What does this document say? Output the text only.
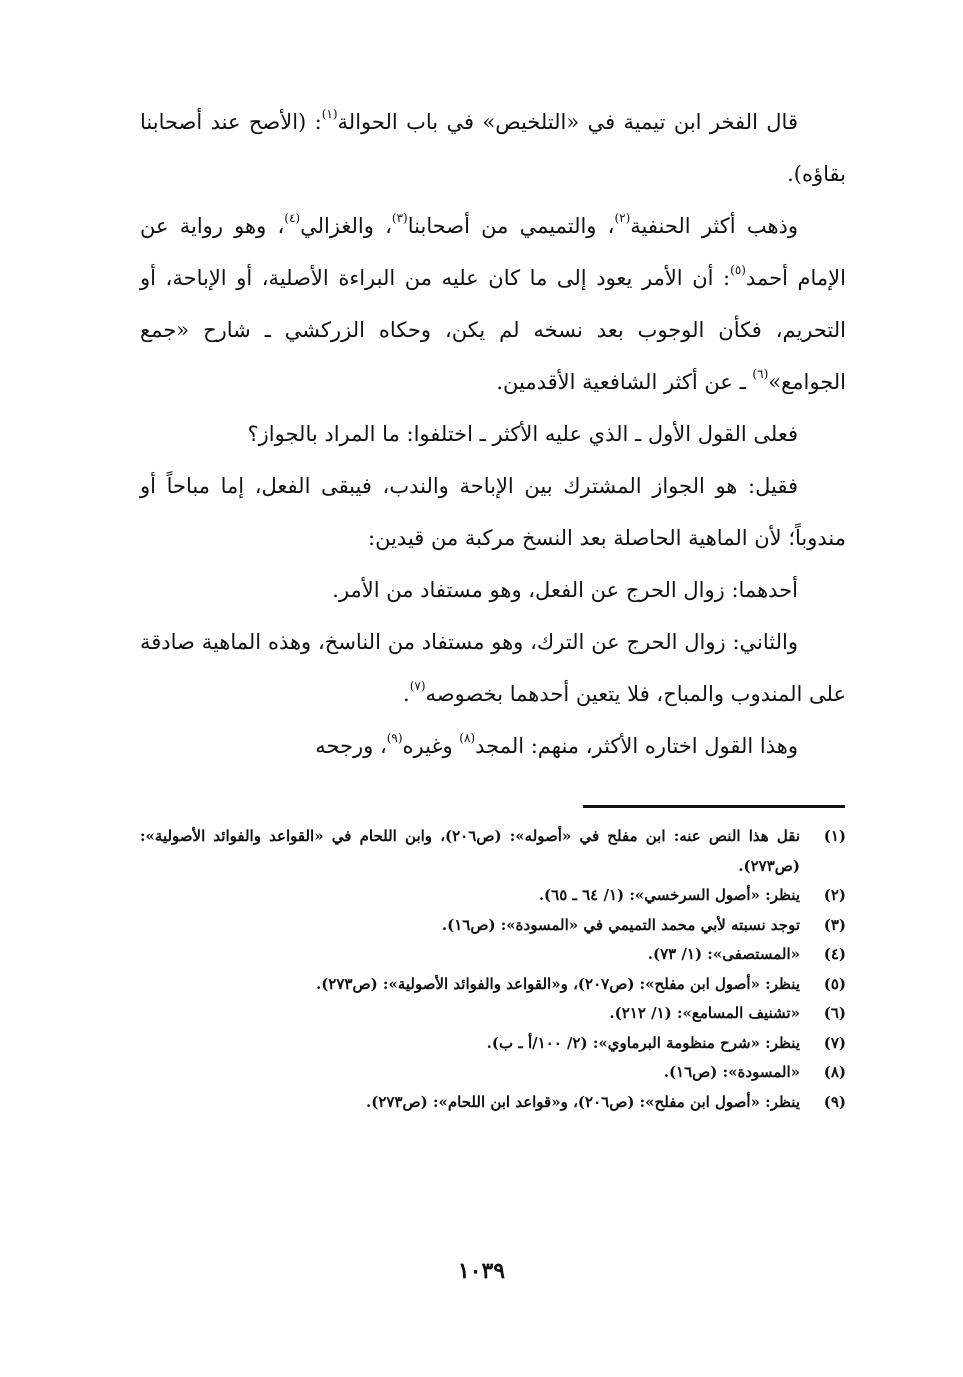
قال الفخر ابن تيمية في «التلخيص» في باب الحوالة$^{(١)}$: (الأصح عند أصحابنا بقاؤه).

وذهب أكثر الحنفية$^{(٢)}$، والتميمي من أصحابنا$^{(٣)}$، والغزالي$^{(٤)}$، وهو رواية عن الإمام أحمد$^{(٥)}$: أن الأمر يعود إلى ما كان عليه من البراءة الأصلية، أو الإباحة، أو التحريم، فكأن الوجوب بعد نسخه لم يكن، وحكاه الزركشي ـ شارح «جمع الجوامع»$^{(٦)}$ ـ عن أكثر الشافعية الأقدمين.

فعلى القول الأول ـ الذي عليه الأكثر ـ اختلفوا: ما المراد بالجواز؟

فقيل: هو الجواز المشترك بين الإباحة والندب، فيبقى الفعل، إما مباحاً أو مندوباً؛ لأن الماهية الحاصلة بعد النسخ مركبة من قيدين:

أحدهما: زوال الحرج عن الفعل، وهو مستفاد من الأمر.

والثاني: زوال الحرج عن الترك، وهو مستفاد من الناسخ، وهذه الماهية صادقة على المندوب والمباح، فلا يتعين أحدهما بخصوصه$^{(٧)}$.

وهذا القول اختاره الأكثر، منهم: المجد$^{(٨)}$ وغيره$^{(٩)}$، ورجحه

(١)
نقل هذا النص عنه: ابن مفلح في «أصوله»: (ص٢٠٦)، وابن اللحام في «القواعد والفوائد الأصولية»: (ص٢٧٣).
(٢)
ينظر: «أصول السرخسي»: (١/ ٦٤ ـ ٦٥).
(٣)
توجد نسبته لأبي محمد التميمي في «المسودة»: (ص١٦).
(٤)
«المستصفى»: (١/ ٧٣).
(٥)
ينظر: «أصول ابن مفلح»: (ص٢٠٧)، و«القواعد والفوائد الأصولية»: (ص٢٧٣).
(٦)
«تشنيف المسامع»: (١/ ٢١٢).
(٧)
ينظر: «شرح منظومة البرماوي»: (٢/ ١٠٠/أ ـ ب).
(٨)
«المسودة»: (ص١٦).
(٩)
ينظر: «أصول ابن مفلح»: (ص٢٠٦)، و«قواعد ابن اللحام»: (ص٢٧٣).
١٠٣٩
